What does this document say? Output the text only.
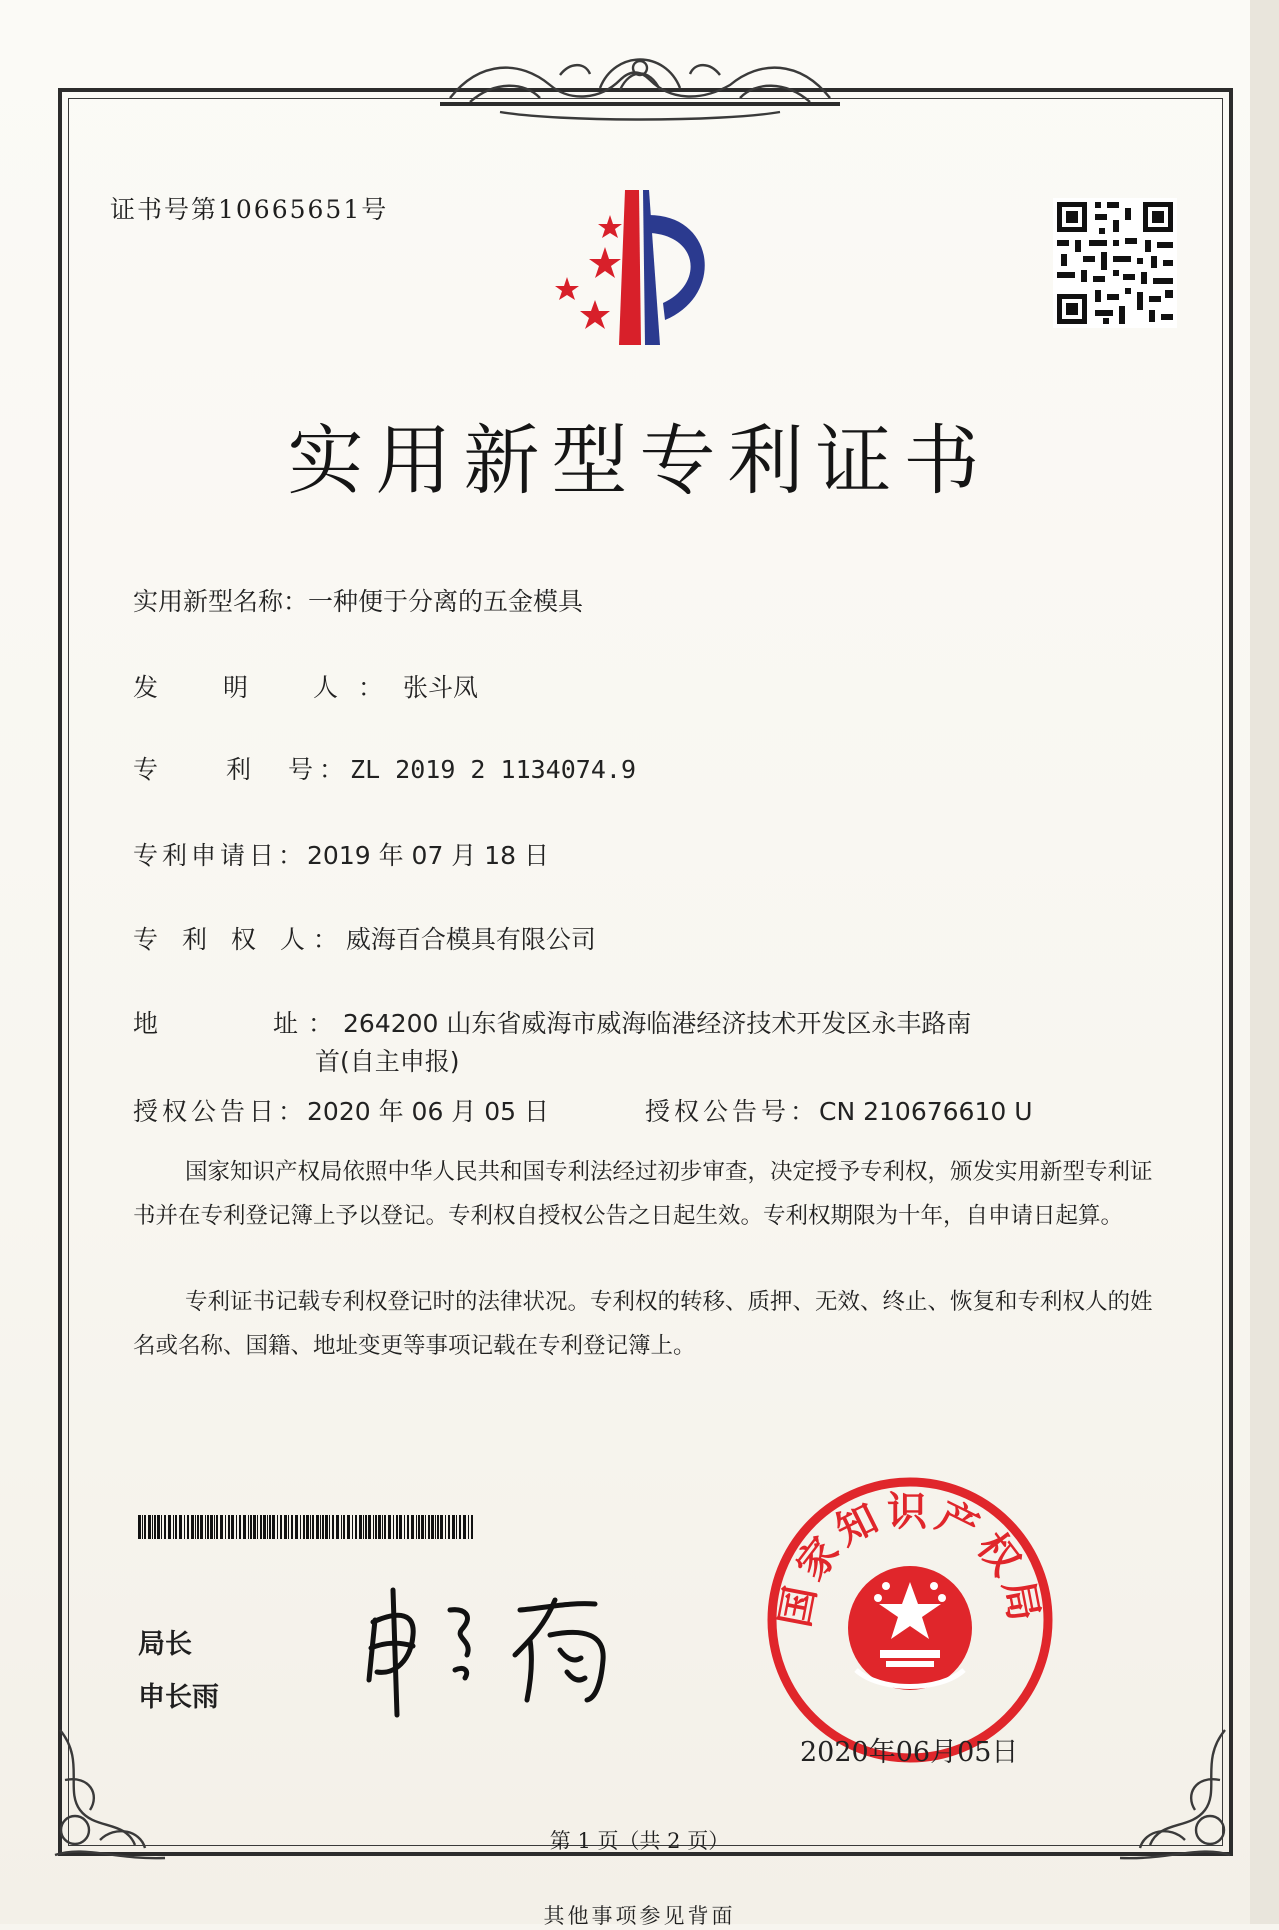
证书号第10665651号
实用新型专利证书
实用新型名称：一种便于分离的五金模具
发　明　人：张斗凤
专　　利　号：ZL 2019 2 1134074.9
专利申请日：2019 年 07 月 18 日
专 利 权 人：威海百合模具有限公司
地　　　址：264200 山东省威海市威海临港经济技术开发区永丰路南
首(自主申报)
授权公告日：2020 年 06 月 05 日	授权公告号：CN 210676610 U
国家知识产权局依照中华人民共和国专利法经过初步审查，决定授予专利权，颁发实用新型专利证书并在专利登记簿上予以登记。专利权自授权公告之日起生效。专利权期限为十年，自申请日起算。
专利证书记载专利权登记时的法律状况。专利权的转移、质押、无效、终止、恢复和专利权人的姓名或名称、国籍、地址变更等事项记载在专利登记簿上。
局长
申长雨
国家知识产权局
2020年06月05日
第 1 页（共 2 页）
其他事项参见背面
